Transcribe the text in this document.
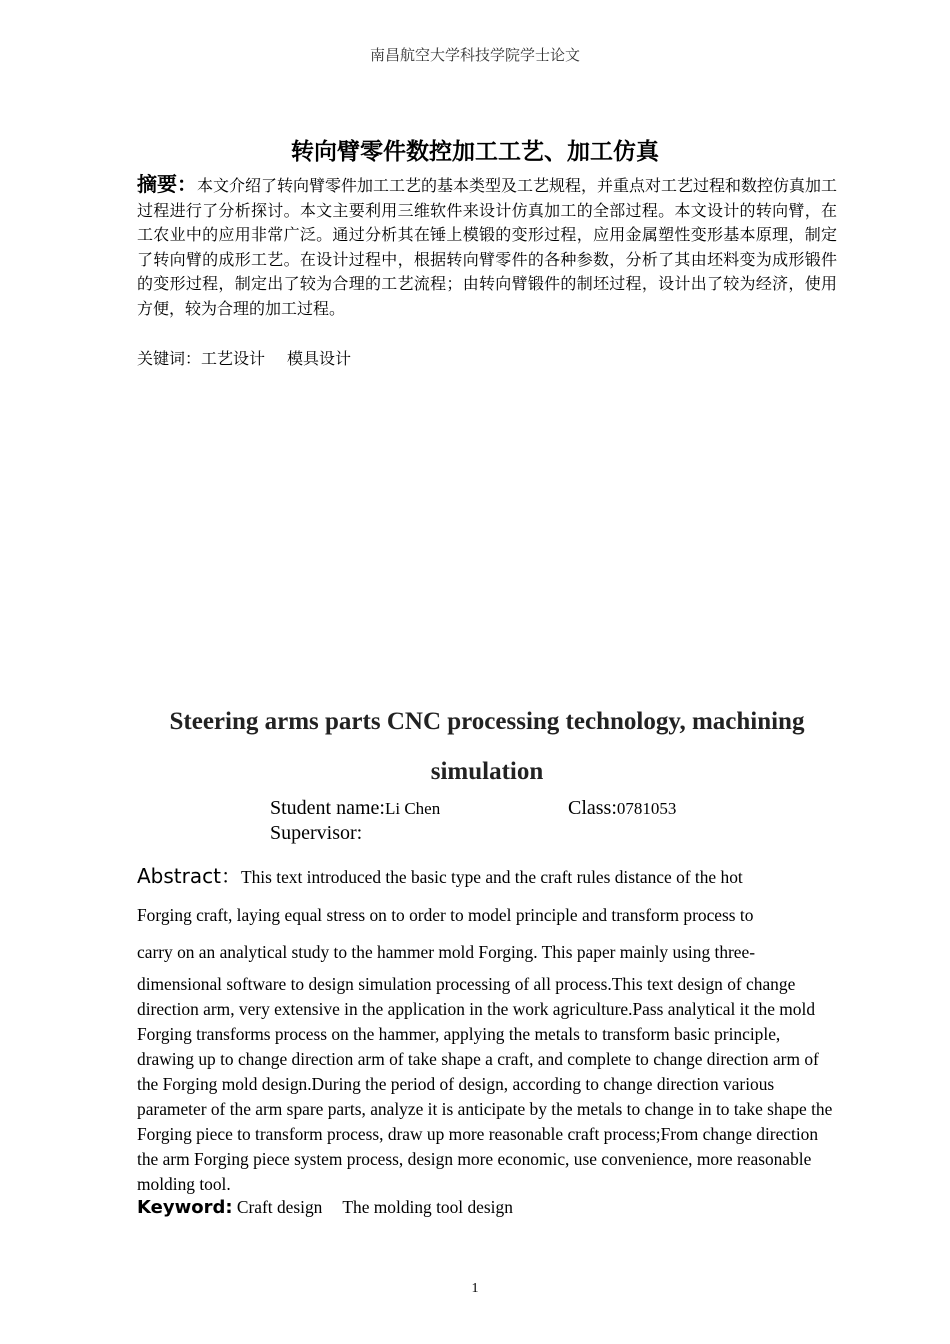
南昌航空大学科技学院学士论文
转向臂零件数控加工工艺、加工仿真
摘要：本文介绍了转向臂零件加工工艺的基本类型及工艺规程，并重点对工艺过程和数控仿真加工过程进行了分析探讨。本文主要利用三维软件来设计仿真加工的全部过程。本文设计的转向臂，在工农业中的应用非常广泛。通过分析其在锤上模锻的变形过程，应用金属塑性变形基本原理，制定了转向臂的成形工艺。在设计过程中，根据转向臂零件的各种参数，分析了其由坯料变为成形锻件的变形过程，制定出了较为合理的工艺流程；由转向臂锻件的制坯过程，设计出了较为经济，使用方便，较为合理的加工过程。
关键词：工艺设计 模具设计
Steering arms parts CNC processing technology, machining simulation
Student name:Li Chen	Class:0781053
Supervisor:
Abstract：This text introduced the basic type and the craft rules distance of the hot
Forging craft, laying equal stress on to order to model principle and transform process to
carry on an analytical study to the hammer mold Forging. This paper mainly using three-
dimensional software to design simulation processing of all process.This text design of change direction arm, very extensive in the application in the work agriculture.Pass analytical it the mold Forging transforms process on the hammer, applying the metals to transform basic principle, drawing up to change direction arm of take shape a craft, and complete to change direction arm of the Forging mold design.During the period of design, according to change direction various parameter of the arm spare parts, analyze it is anticipate by the metals to change in to take shape the Forging piece to transform process, draw up more reasonable craft process;From change direction the arm Forging piece system process, design more economic, use convenience, more reasonable molding tool.
Keyword: Craft design The molding tool design
1
